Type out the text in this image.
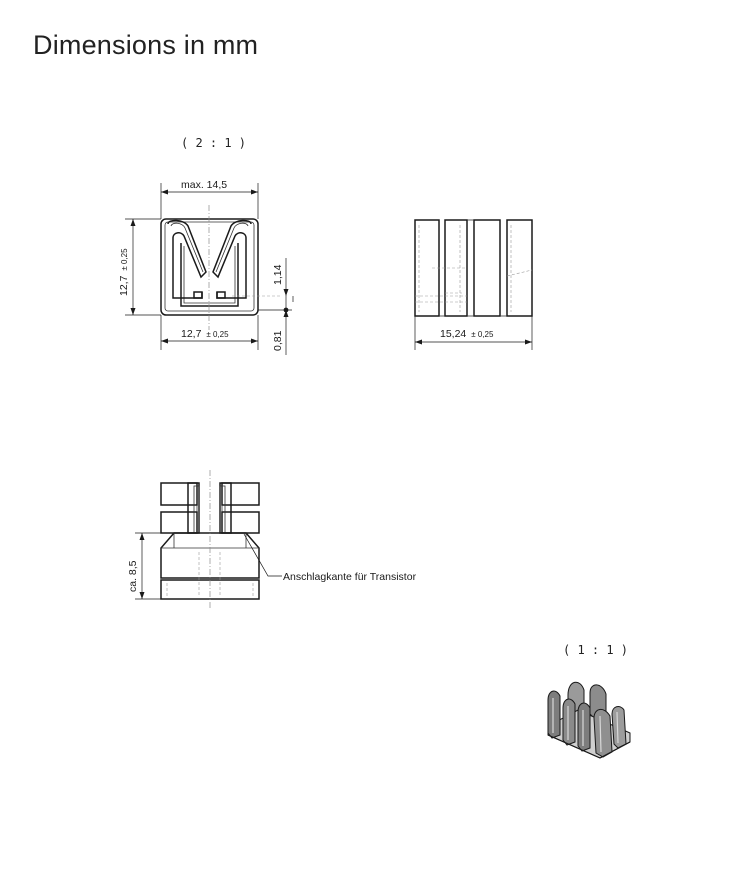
Dimensions in mm
( 2 : 1 )
max. 14,5
12,7 ± 0,25
12,7 ± 0,25
1,14
0,81	15,24 ± 0,25
Anschlagkante für Transistor
ca. 8,5
( 1 : 1 )
